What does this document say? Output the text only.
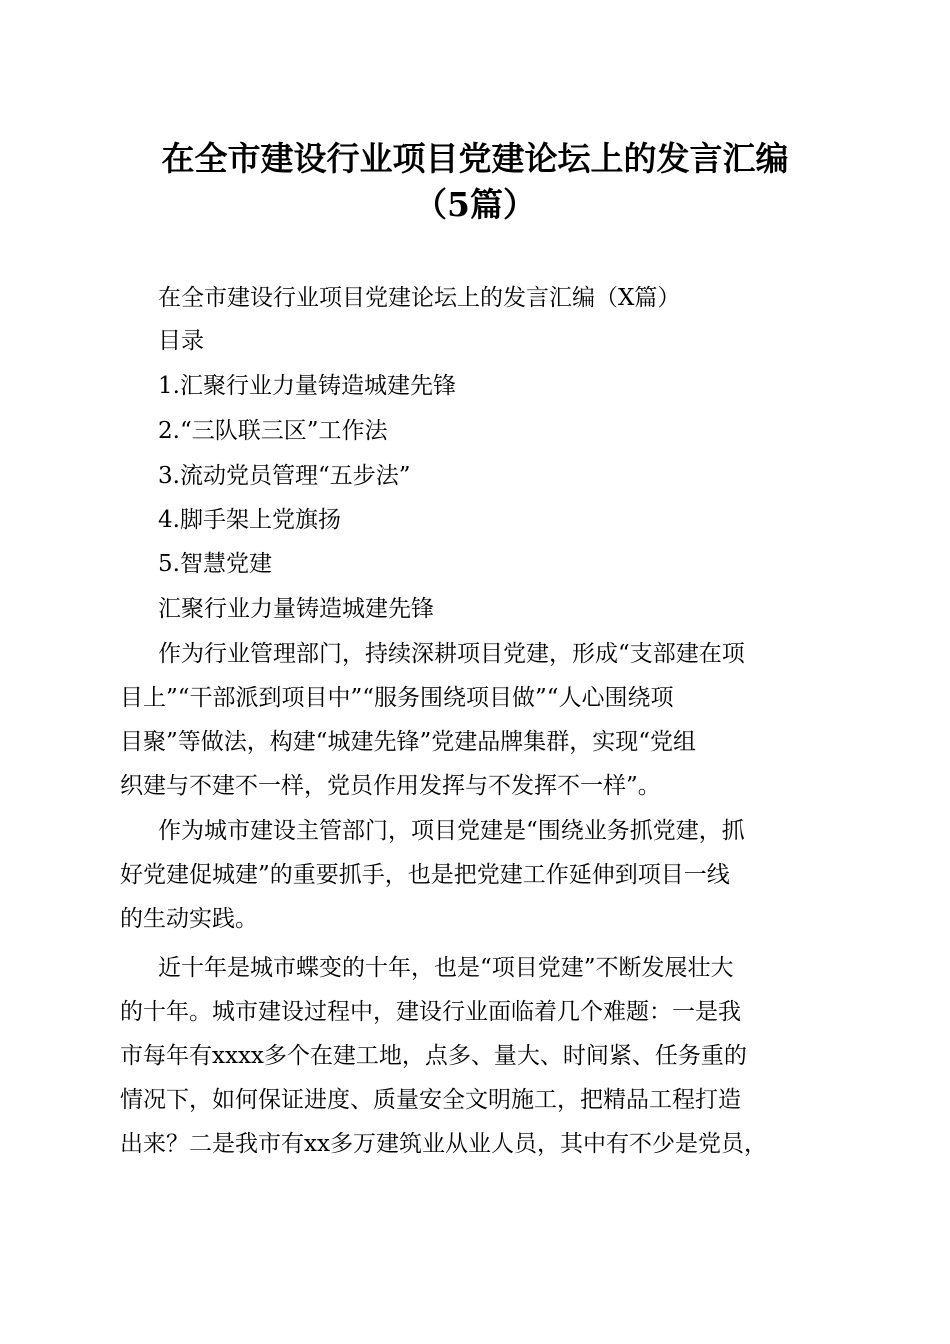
在全市建设行业项目党建论坛上的发言汇编
（5篇）
在全市建设行业项目党建论坛上的发言汇编（X篇）
目录
1.汇聚行业力量铸造城建先锋
2.“三队联三区”工作法
3.流动党员管理“五步法”
4.脚手架上党旗扬
5.智慧党建
汇聚行业力量铸造城建先锋
作为行业管理部门，持续深耕项目党建，形成“支部建在项
目上”“干部派到项目中”“服务围绕项目做”“人心围绕项
目聚”等做法，构建“城建先锋”党建品牌集群，实现“党组
织建与不建不一样，党员作用发挥与不发挥不一样”。
作为城市建设主管部门，项目党建是“围绕业务抓党建，抓
好党建促城建”的重要抓手，也是把党建工作延伸到项目一线
的生动实践。
近十年是城市蝶变的十年，也是“项目党建”不断发展壮大
的十年。城市建设过程中，建设行业面临着几个难题：一是我
市每年有xxxx多个在建工地，点多、量大、时间紧、任务重的
情况下，如何保证进度、质量安全文明施工，把精品工程打造
出来？二是我市有xx多万建筑业从业人员，其中有不少是党员，
